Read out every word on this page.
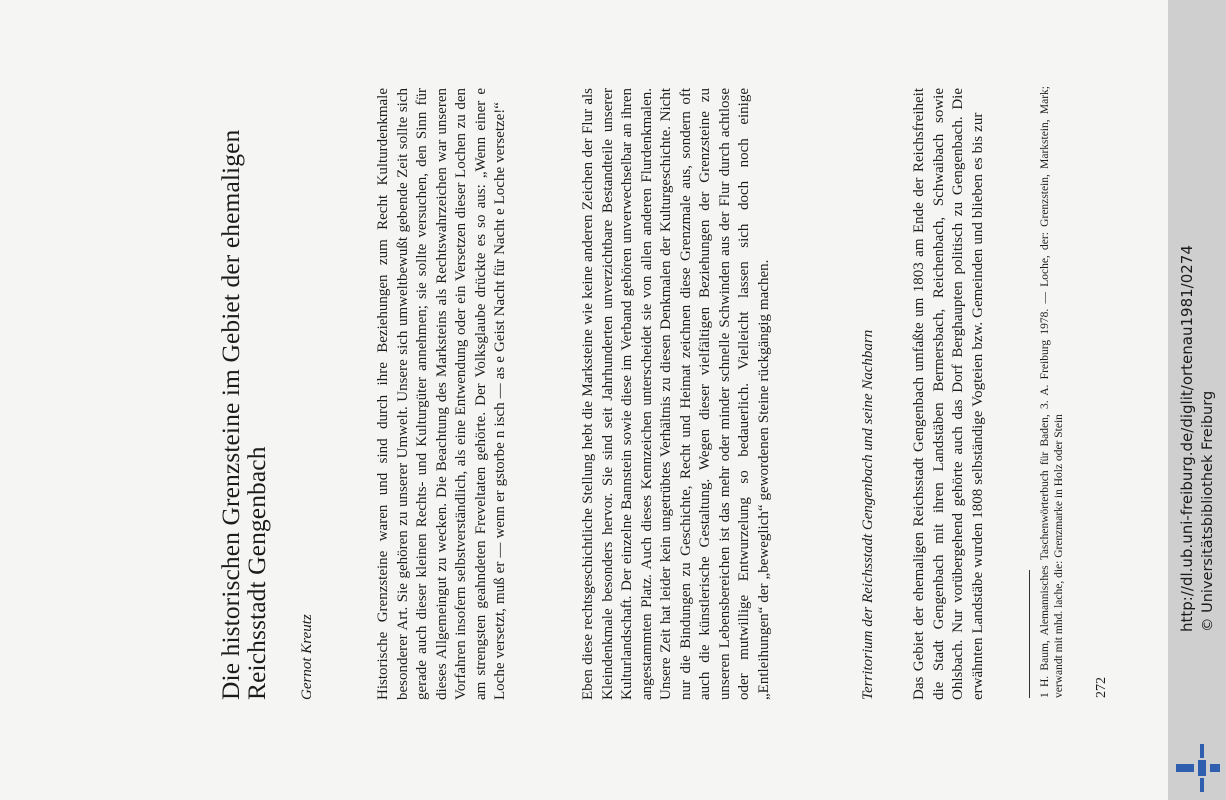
Die historischen Grenzsteine im Gebiet der ehemaligen Reichsstadt Gengenbach Gernot Kreutz	Historische Grenzsteine waren und sind durch ihre Beziehungen zum Recht Kulturdenkmale besonderer Art. Sie gehören zu unserer Umwelt. Unsere sich umweltbewußt gebende Zeit sollte sich gerade auch dieser kleinen Rechts- und Kulturgüter annehmen; sie sollte versuchen, den Sinn für dieses Allgemeingut zu wecken. Die Beachtung des Marksteins als Rechtswahrzeichen war unseren Vorfahren insofern selbstverständlich, als eine Entwendung oder ein Versetzen dieser Lochen zu den am strengsten geahndeten Freveltaten gehörte. Der Volksglaube drückte es so aus: „Wenn einer e Loche versetzt, muß er — wenn er gstorbe n isch — as e Geist Nacht für Nacht e Loche versetze!“	Eben diese rechtsgeschichtliche Stellung hebt die Marksteine wie keine anderen Zeichen der Flur als Kleindenkmale besonders hervor. Sie sind seit Jahrhunderten unverzichtbare Bestandteile unserer Kulturlandschaft. Der einzelne Bannstein sowie diese im Verband gehören unverwechselbar an ihren angestammten Platz. Auch dieses Kennzeichen unterscheidet sie von allen anderen Flurdenkmalen. Unsere Zeit hat leider kein ungetrübtes Verhältnis zu diesen Denkmalen der Kulturgeschichte. Nicht nur die Bindungen zu Geschichte, Recht und Heimat zeichnen diese Grenzmale aus, sondern oft auch die künstlerische Gestaltung. Wegen dieser vielfältigen Beziehungen der Grenzsteine zu unseren Lebensbereichen ist das mehr oder minder schnelle Schwinden aus der Flur durch achtlose oder mutwillige Entwurzelung so bedauerlich. Vielleicht lassen sich doch noch einige „Entleihungen“ der „beweglich“ gewordenen Steine rückgängig machen.	Territorium der Reichsstadt Gengenbach und seine Nachbarn Das Gebiet der ehemaligen Reichsstadt Gengenbach umfaßte um 1803 am Ende der Reichsfreiheit die Stadt Gengenbach mit ihren Landstäben Bermersbach, Reichenbach, Schwaibach sowie Ohlsbach. Nur vorübergehend gehörte auch das Dorf Berghaupten politisch zu Gengenbach. Die erwähnten Landstäbe wurden 1808 selbständige Vogteien bzw. Gemeinden und blieben es bis zur	1 H. Baum, Alemannisches Taschenwörterbuch für Baden, 3. A. Freiburg 1978. — Loche, der: Grenzstein, Markstein, Mark; verwandt mit mhd. lache, die: Grenzmarke in Holz oder Stein 272
http://dl.ub.uni-freiburg.de/diglit/ortenau1981/0274 © Universitätsbibliothek Freiburg
